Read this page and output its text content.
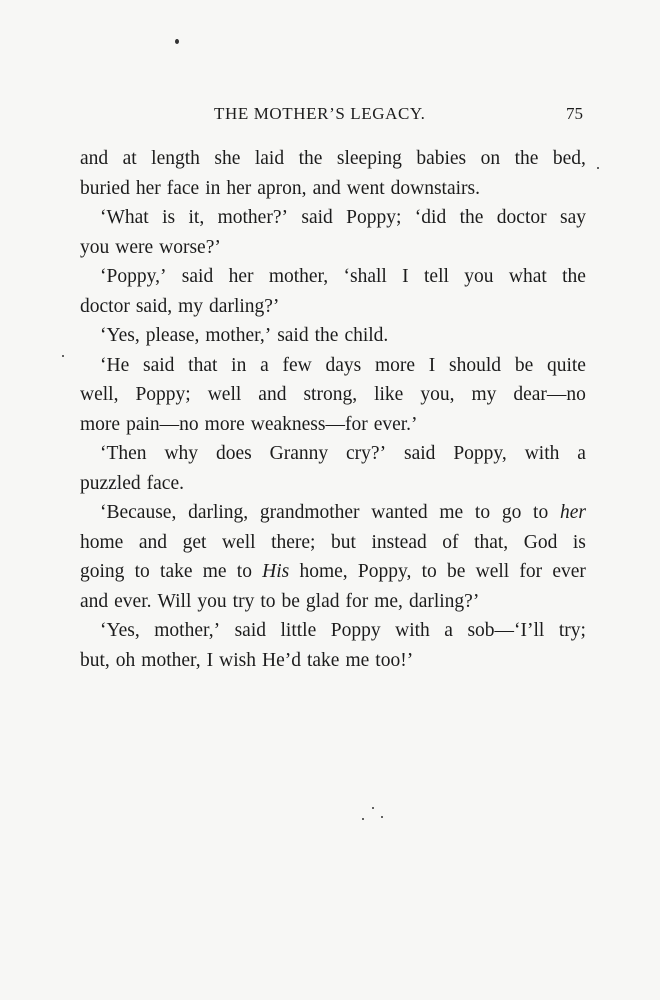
THE MOTHER’S LEGACY.	75
and at length she laid the sleeping babies on the bed,
buried her face in her apron, and went downstairs.
‘What is it, mother?’ said Poppy; ‘did the doctor say
you were worse?’
‘Poppy,’ said her mother, ‘shall I tell you what the
doctor said, my darling?’
‘Yes, please, mother,’ said the child.
‘He said that in a few days more I should be quite
well, Poppy; well and strong, like you, my dear—no
more pain—no more weakness—for ever.’
‘Then why does Granny cry?’ said Poppy, with a
puzzled face.
‘Because, darling, grandmother wanted me to go to her
home and get well there; but instead of that, God is
going to take me to His home, Poppy, to be well for ever
and ever. Will you try to be glad for me, darling?’
‘Yes, mother,’ said little Poppy with a sob—‘I’ll try;
but, oh mother, I wish He’d take me too!’
